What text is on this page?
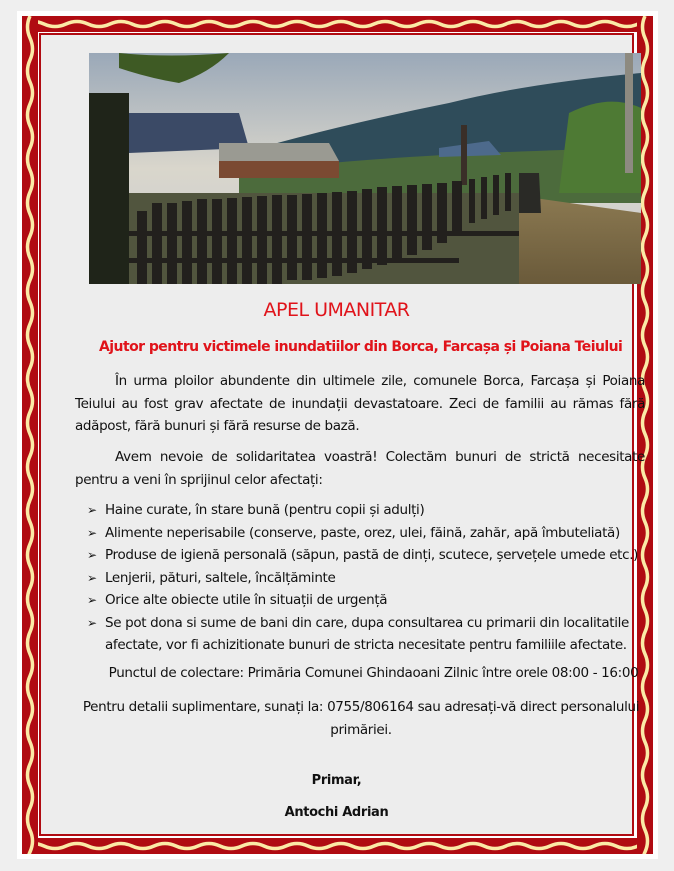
APEL UMANITAR
Ajutor pentru victimele inundatiilor din Borca, Farcașa și Poiana Teiului
În urma ploilor abundente din ultimele zile, comunele Borca, Farcașa și Poiana Teiului au fost grav afectate de inundații devastatoare. Zeci de familii au rămas fără adăpost, fără bunuri și fără resurse de bază.
Avem nevoie de solidaritatea voastră! Colectăm bunuri de strictă necesitate pentru a veni în sprijinul celor afectați:
➢ Haine curate, în stare bună (pentru copii și adulți)
➢ Alimente neperisabile (conserve, paste, orez, ulei, făină, zahăr, apă îmbuteliată)
➢ Produse de igienă personală (săpun, pastă de dinți, scutece, șervețele umede etc.)
➢ Lenjerii, pături, saltele, încălțăminte
➢ Orice alte obiecte utile în situații de urgență
➢ Se pot dona si sume de bani din care, dupa consultarea cu primarii din localitatile afectate, vor fi achizitionate bunuri de stricta necesitate pentru familiile afectate.
Punctul de colectare: Primăria Comunei Ghindaoani Zilnic între orele 08:00 - 16:00
Pentru detalii suplimentare, sunați la: 0755/806164 sau adresați-vă direct personalului primăriei.
Primar,
Antochi Adrian
